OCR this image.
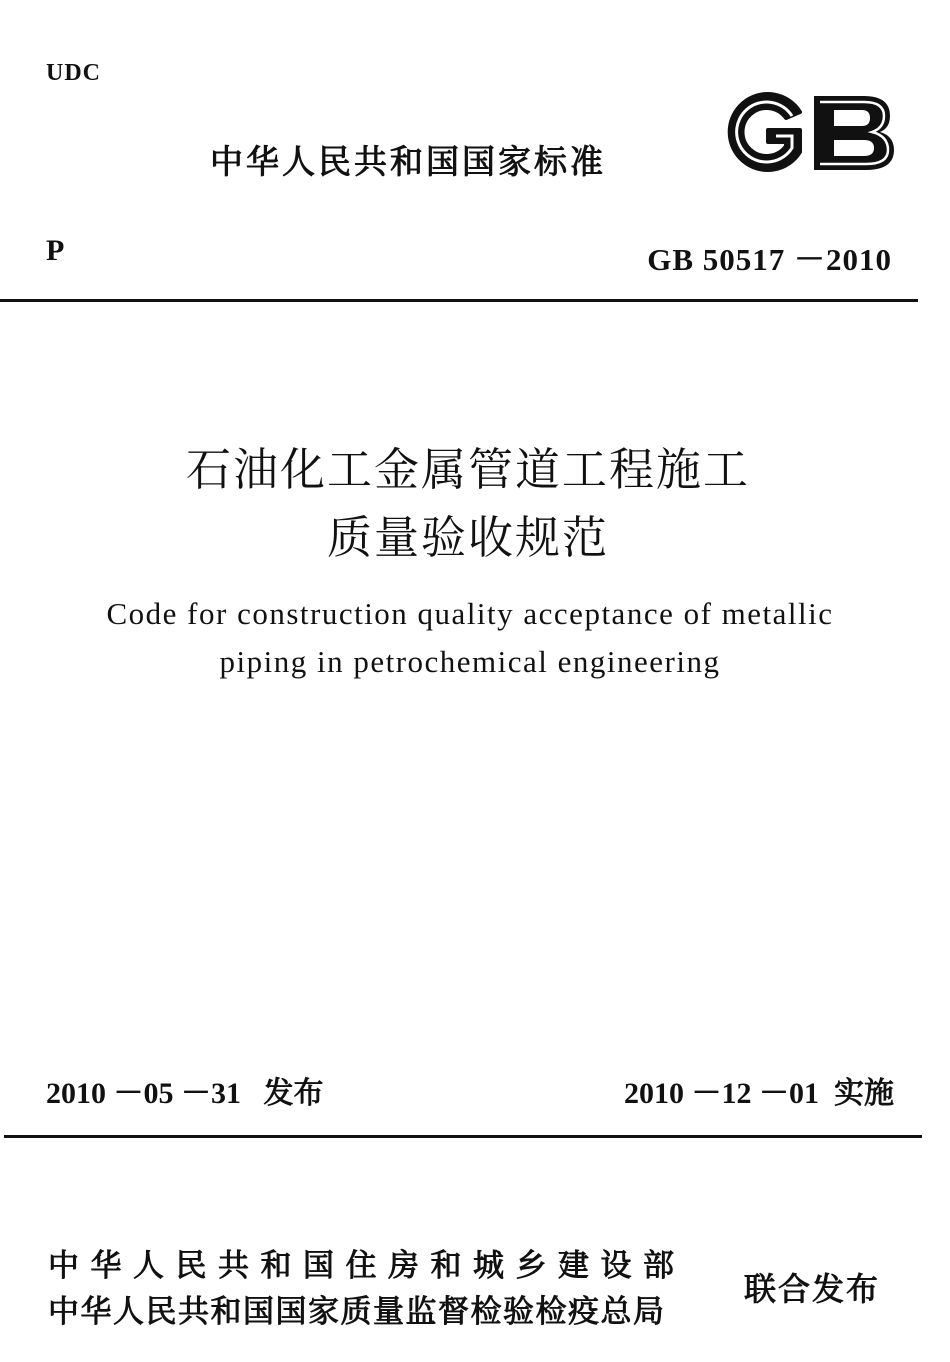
UDC
中华人民共和国国家标准
P	GB 50517 －2010
石油化工金属管道工程施工
质量验收规范
Code for construction quality acceptance of metallic
piping in petrochemical engineering
2010 －05 －31 发布	2010 －12 －01 实施
中华人民共和国住房和城乡建设部
中华人民共和国国家质量监督检验检疫总局
联合发布
